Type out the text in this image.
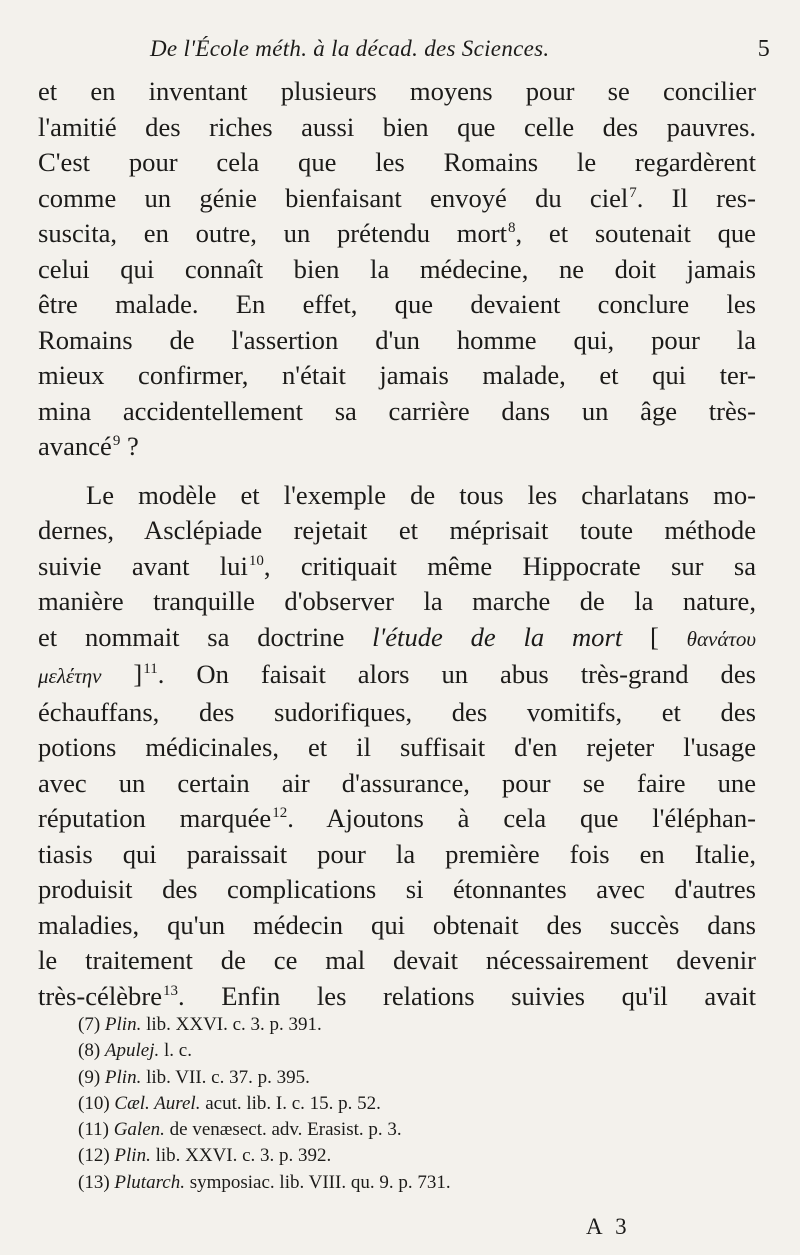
De l'École méth. à la décad. des Sciences.	5
et en inventant plusieurs moyens pour se concilier
l'amitié des riches aussi bien que celle des pauvres.
C'est pour cela que les Romains le regardèrent
comme un génie bienfaisant envoyé du ciel$^7$. Il res-
suscita, en outre, un prétendu mort$^8$, et soutenait que
celui qui connaît bien la médecine, ne doit jamais
être malade. En effet, que devaient conclure les
Romains de l'assertion d'un homme qui, pour la
mieux confirmer, n'était jamais malade, et qui ter-
mina accidentellement sa carrière dans un âge très-
avancé$^9$ ?
Le modèle et l'exemple de tous les charlatans mo-
dernes, Asclépiade rejetait et méprisait toute méthode
suivie avant lui$^{10}$, critiquait même Hippocrate sur sa
manière tranquille d'observer la marche de la nature,
et nommait sa doctrine l'étude de la mort [ θανάτου
μελέτην ]$^{11}$. On faisait alors un abus très-grand des
échauffans, des sudorifiques, des vomitifs, et des
potions médicinales, et il suffisait d'en rejeter l'usage
avec un certain air d'assurance, pour se faire une
réputation marquée$^{12}$. Ajoutons à cela que l'éléphan-
tiasis qui paraissait pour la première fois en Italie,
produisit des complications si étonnantes avec d'autres
maladies, qu'un médecin qui obtenait des succès dans
le traitement de ce mal devait nécessairement devenir
très-célèbre$^{13}$. Enfin les relations suivies qu'il avait
(7) Plin. lib. XXVI. c. 3. p. 391.
(8) Apulej. l. c.
(9) Plin. lib. VII. c. 37. p. 395.
(10) Cæl. Aurel. acut. lib. I. c. 15. p. 52.
(11) Galen. de venæsect. adv. Erasist. p. 3.
(12) Plin. lib. XXVI. c. 3. p. 392.
(13) Plutarch. symposiac. lib. VIII. qu. 9. p. 731.
A 3
